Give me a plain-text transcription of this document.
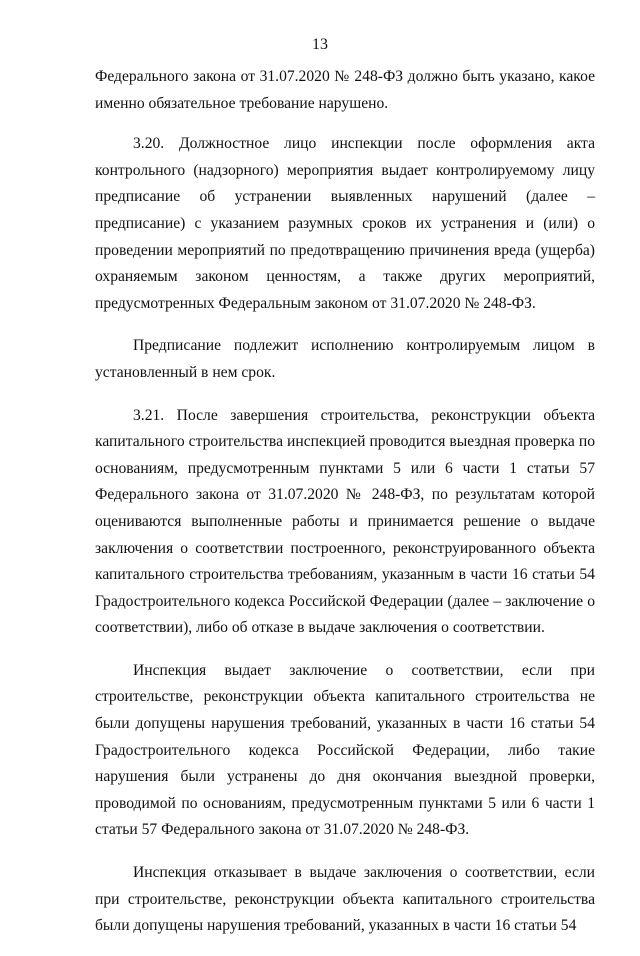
13

Федерального закона от 31.07.2020 № 248-ФЗ должно быть указано, какое именно обязательное требование нарушено.

3.20. Должностное лицо инспекции после оформления акта контрольного (надзорного) мероприятия выдает контролируемому лицу предписание об устранении выявленных нарушений (далее – предписание) с указанием разумных сроков их устранения и (или) о проведении мероприятий по предотвращению причинения вреда (ущерба) охраняемым законом ценностям, а также других мероприятий, предусмотренных Федеральным законом от 31.07.2020 № 248-ФЗ.

Предписание подлежит исполнению контролируемым лицом в установленный в нем срок.

3.21. После завершения строительства, реконструкции объекта капитального строительства инспекцией проводится выездная проверка по основаниям, предусмотренным пунктами 5 или 6 части 1 статьи 57 Федерального закона от 31.07.2020 № 248-ФЗ, по результатам которой оцениваются выполненные работы и принимается решение о выдаче заключения о соответствии построенного, реконструированного объекта капитального строительства требованиям, указанным в части 16 статьи 54 Градостроительного кодекса Российской Федерации (далее – заключение о соответствии), либо об отказе в выдаче заключения о соответствии.

Инспекция выдает заключение о соответствии, если при строительстве, реконструкции объекта капитального строительства не были допущены нарушения требований, указанных в части 16 статьи 54 Градостроительного кодекса Российской Федерации, либо такие нарушения были устранены до дня окончания выездной проверки, проводимой по основаниям, предусмотренным пунктами 5 или 6 части 1 статьи 57 Федерального закона от 31.07.2020 № 248-ФЗ.

Инспекция отказывает в выдаче заключения о соответствии, если при строительстве, реконструкции объекта капитального строительства были допущены нарушения требований, указанных в части 16 статьи 54
